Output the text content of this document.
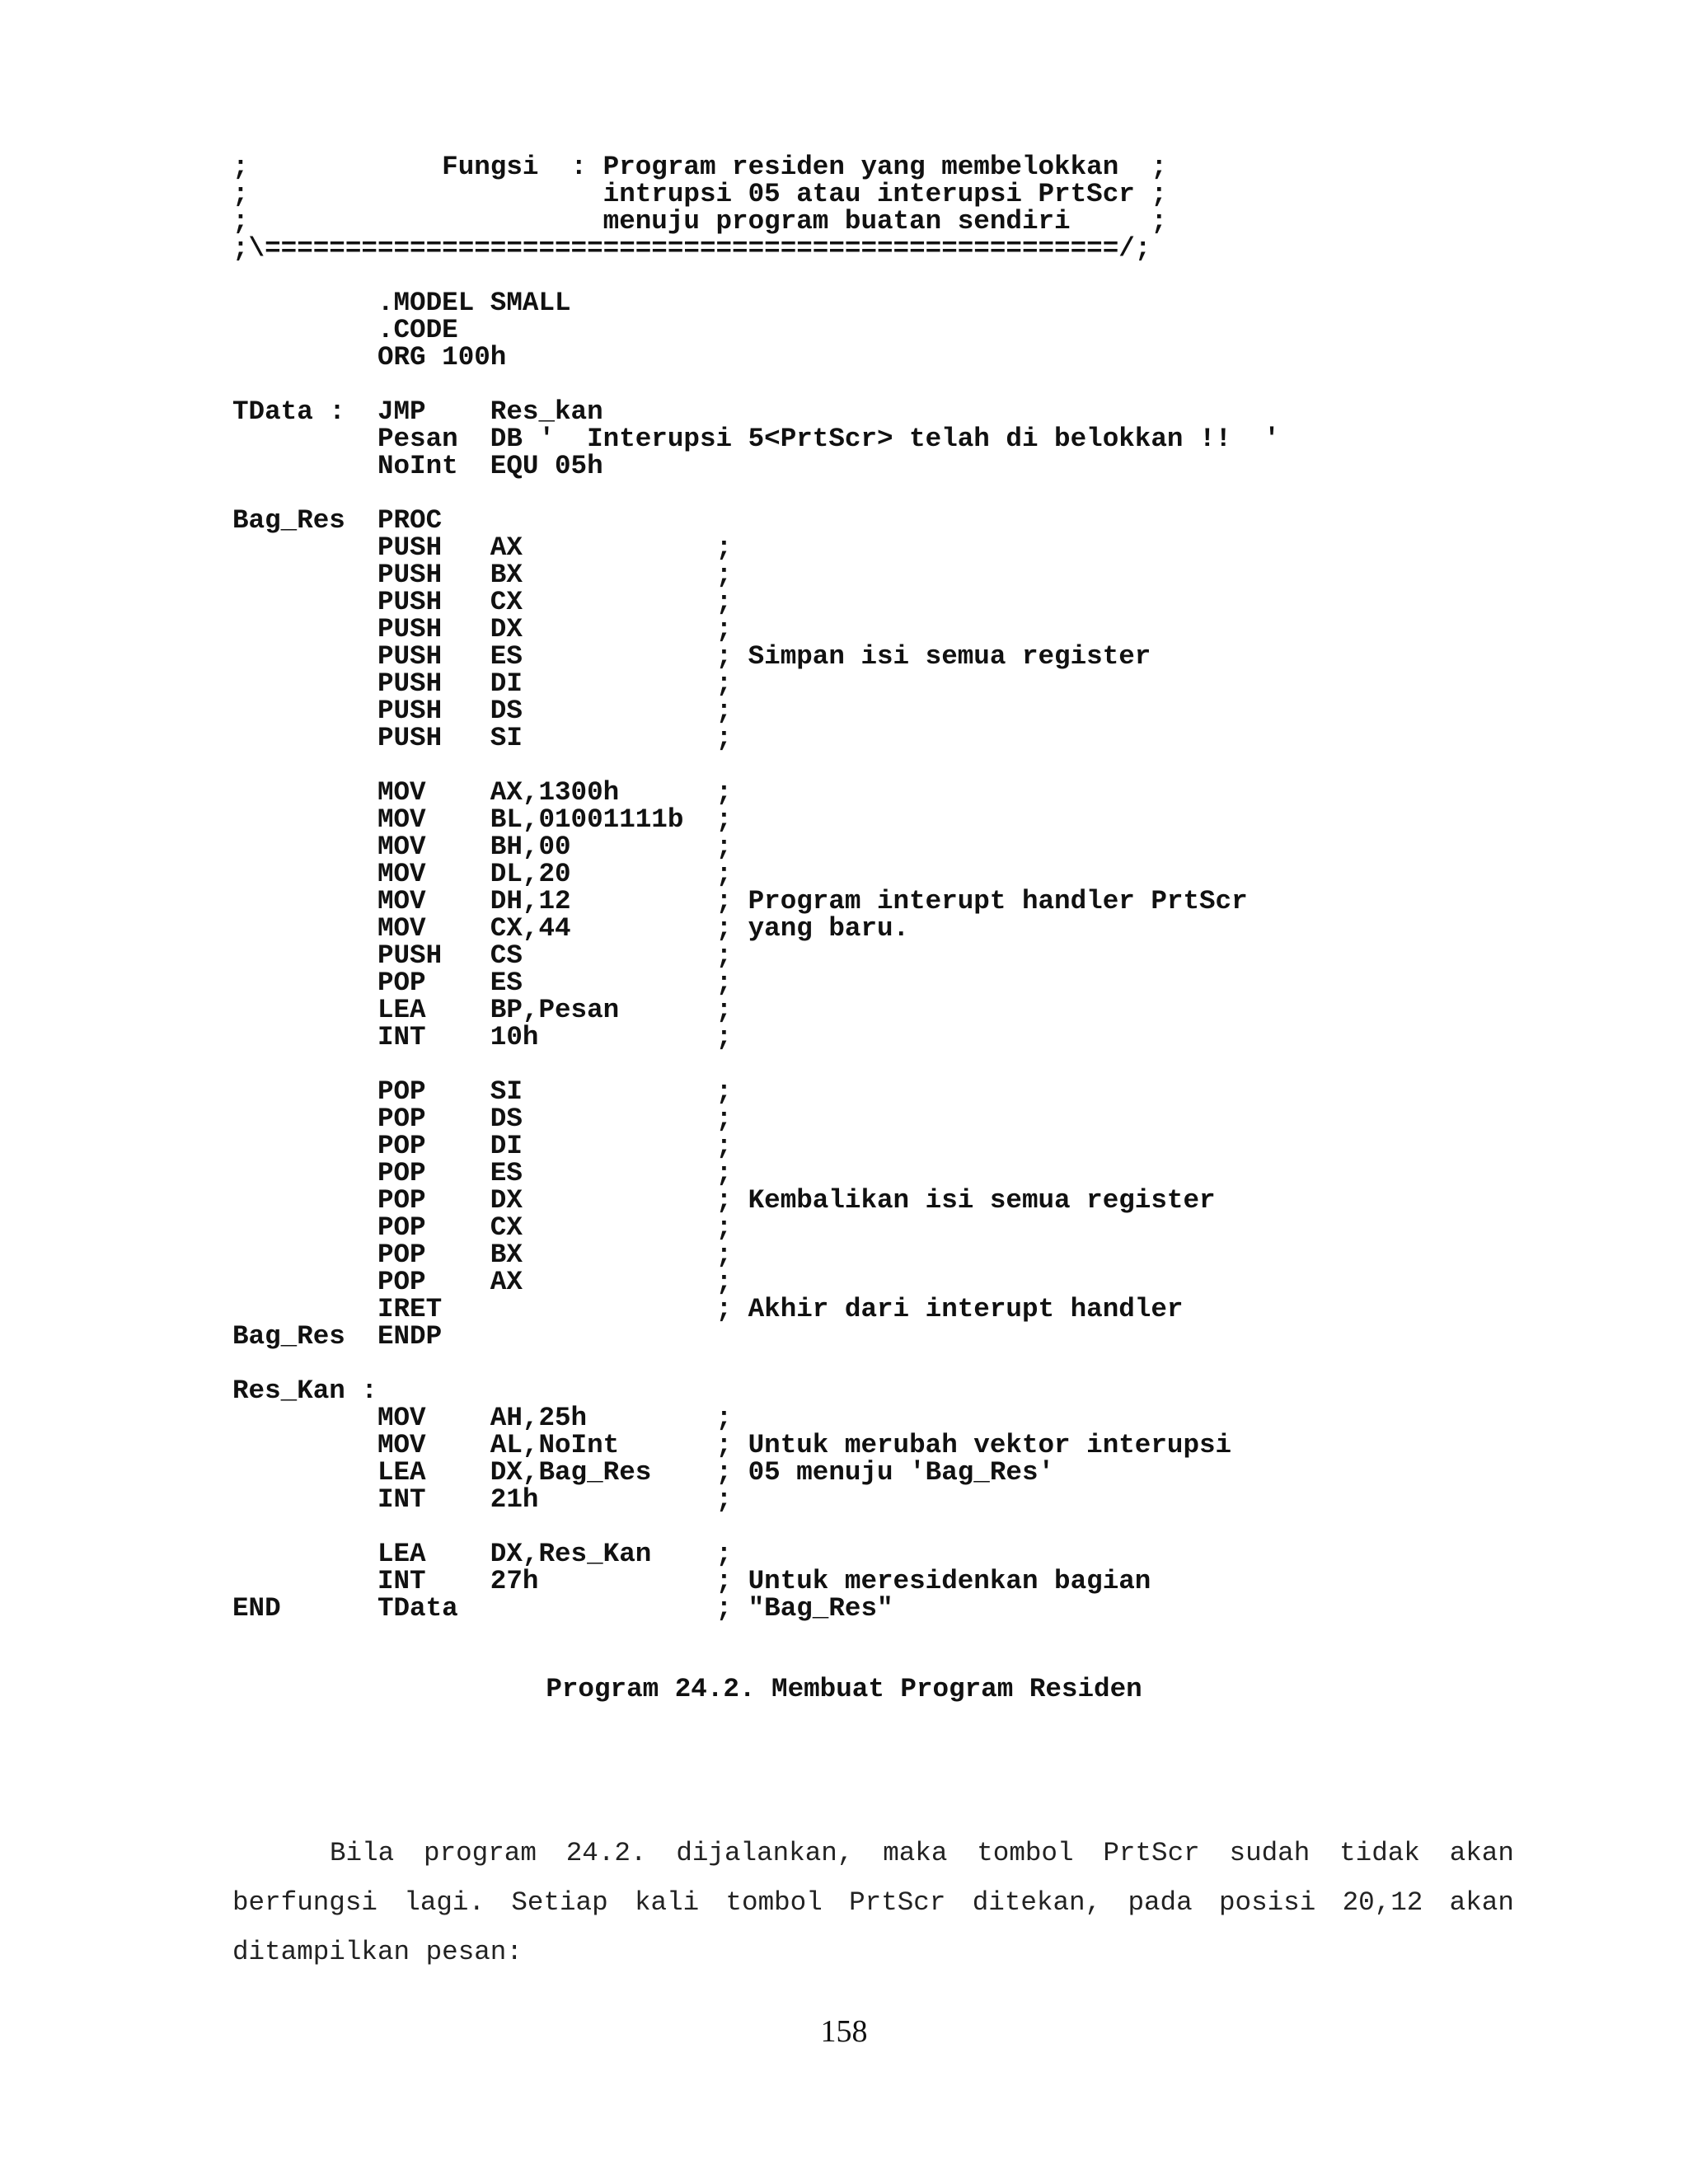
;            Fungsi  : Program residen yang membelokkan  ;
;                      intrupsi 05 atau interupsi PrtScr ;
;                      menuju program buatan sendiri     ;
;\=====================================================/;

.MODEL SMALL
.CODE
ORG 100h

TData :  JMP    Res_kan
Pesan  DB '  Interupsi 5<PrtScr> telah di belokkan !!  '
NoInt  EQU 05h

Bag_Res  PROC
PUSH   AX            ;
PUSH   BX            ;
PUSH   CX            ;
PUSH   DX            ;
PUSH   ES            ; Simpan isi semua register
PUSH   DI            ;
PUSH   DS            ;
PUSH   SI            ;

MOV    AX,1300h      ;
MOV    BL,01001111b  ;
MOV    BH,00         ;
MOV    DL,20         ;
MOV    DH,12         ; Program interupt handler PrtScr
MOV    CX,44         ; yang baru.
PUSH   CS            ;
POP    ES            ;
LEA    BP,Pesan      ;
INT    10h           ;

POP    SI            ;
POP    DS            ;
POP    DI            ;
POP    ES            ;
POP    DX            ; Kembalikan isi semua register
POP    CX            ;
POP    BX            ;
POP    AX            ;
IRET                 ; Akhir dari interupt handler
Bag_Res  ENDP

Res_Kan :
MOV    AH,25h        ;
MOV    AL,NoInt      ; Untuk merubah vektor interupsi
LEA    DX,Bag_Res    ; 05 menuju 'Bag_Res'
INT    21h           ;

LEA    DX,Res_Kan    ;
INT    27h           ; Untuk meresidenkan bagian
END      TData                ; "Bag_Res"
Program 24.2. Membuat Program Residen
Bila program 24.2. dijalankan, maka tombol PrtScr sudah tidak akan
berfungsi lagi. Setiap kali tombol PrtScr ditekan, pada posisi 20,12 akan
ditampilkan pesan:
158
